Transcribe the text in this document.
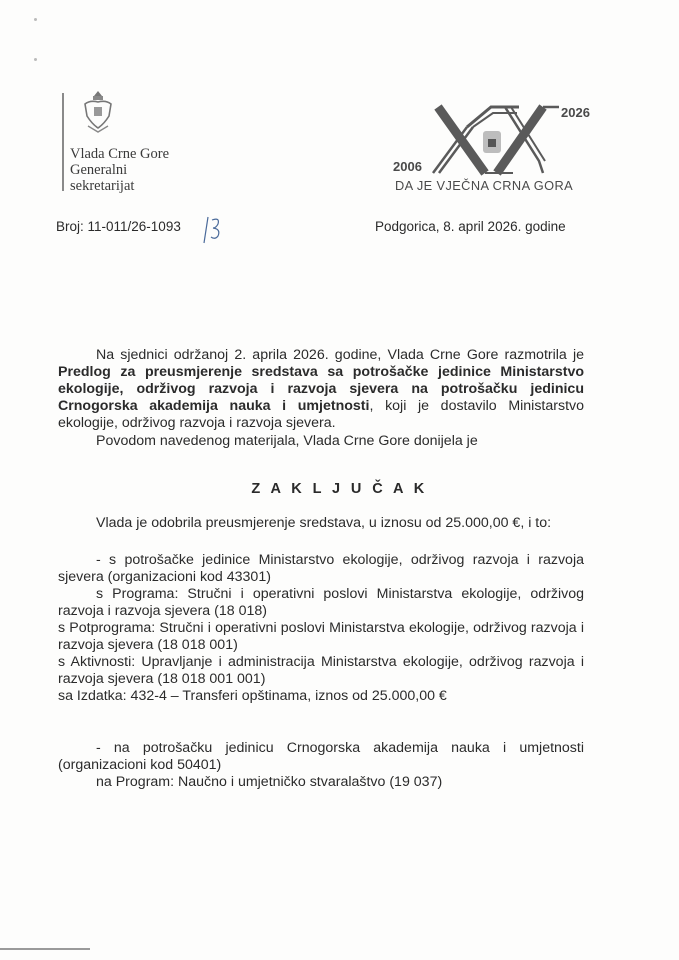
Vlada Crne Gore
Generalni
sekretarijat
2006
2026
DA JE VJEČNA CRNA GORA
Broj: 11-011/26-1093	Podgorica, 8. april 2026. godine

Na sjednici održanoj 2. aprila 2026. godine, Vlada Crne Gore razmotrila je Predlog za preusmjerenje sredstava sa potrošačke jedinice Ministarstvo ekologije, održivog razvoja i razvoja sjevera na potrošačku jedinicu Crnogorska akademija nauka i umjetnosti, koji je dostavilo Ministarstvo ekologije, održivog razvoja i razvoja sjevera.

Povodom navedenog materijala, Vlada Crne Gore donijela je

Z A K L J U Č A K

Vlada je odobrila preusmjerenje sredstava, u iznosu od 25.000,00 €, i to:

- s potrošačke jedinice Ministarstvo ekologije, održivog razvoja i razvoja sjevera (organizacioni kod 43301)

s Programa: Stručni i operativni poslovi Ministarstva ekologije, održivog razvoja i razvoja sjevera (18 018)

s Potprograma: Stručni i operativni poslovi Ministarstva ekologije, održivog razvoja i razvoja sjevera (18 018 001)

s Aktivnosti: Upravljanje i administracija Ministarstva ekologije, održivog razvoja i razvoja sjevera (18 018 001 001)

sa Izdatka: 432-4 – Transferi opštinama, iznos od 25.000,00 €

- na potrošačku jedinicu Crnogorska akademija nauka i umjetnosti (organizacioni kod 50401)

na Program: Naučno i umjetničko stvaralaštvo (19 037)
